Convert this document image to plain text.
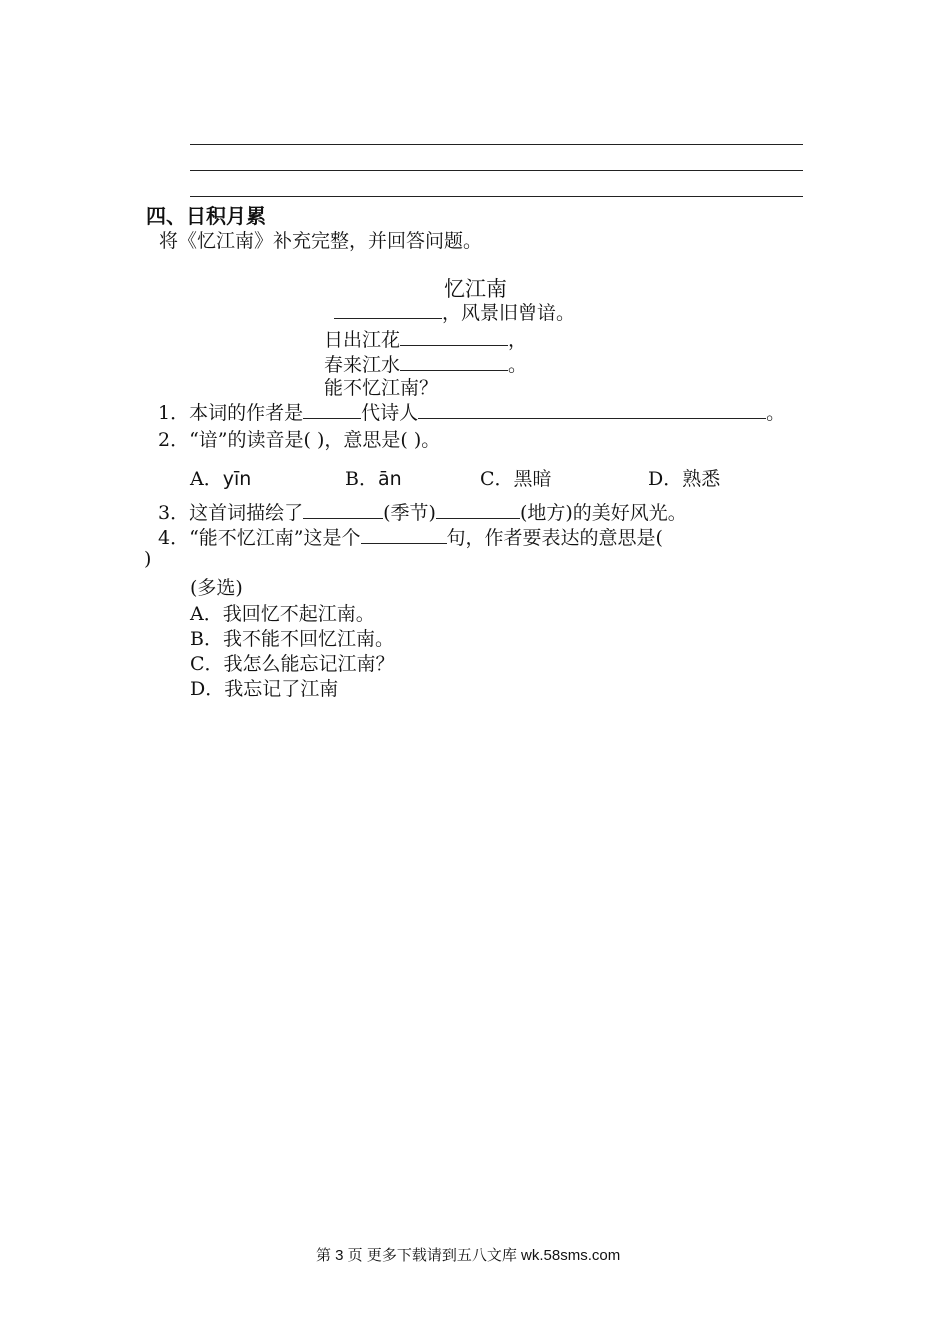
四、日积月累
将《忆江南》补充完整，并回答问题。
忆江南
，风景旧曾谙。
日出江花	，
春来江水	。
能不忆江南？
1．本词的作者是	代诗人	。
2．“谙”的读音是( )，意思是( )。
A．yīn	B．ān	C．黑暗	D．熟悉
3．这首词描绘了	(季节)	(地方)的美好风光。
4．“能不忆江南”这是个	句，作者要表达的意思是(
)
(多选)
A．我回忆不起江南。
B．我不能不回忆江南。
C．我怎么能忘记江南？
D．我忘记了江南
第 3 页 更多下载请到五八文库 wk.58sms.com
